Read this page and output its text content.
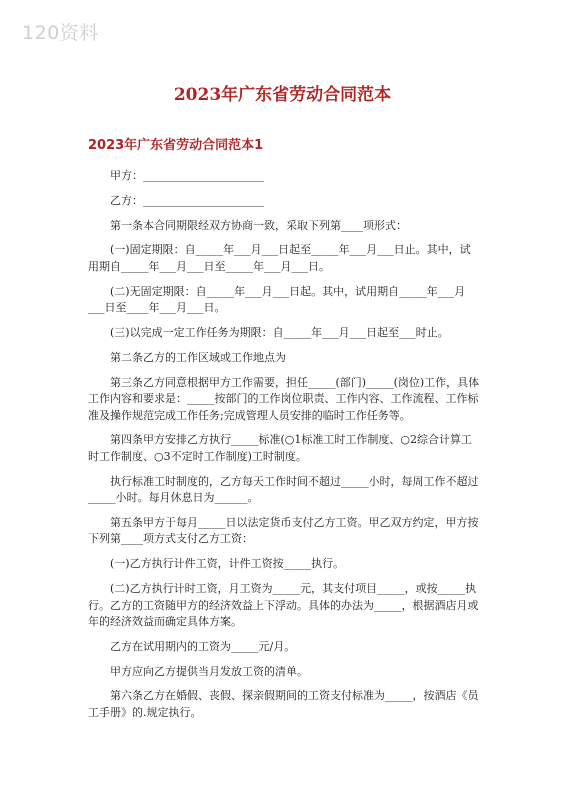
120资料
2023年广东省劳动合同范本
2023年广东省劳动合同范本1

甲方：______________________

乙方：______________________

第一条本合同期限经双方协商一致，采取下列第____项形式：

(一)固定期限：自_____年___月___日起至_____年___月___日止。其中，试用期自_____年___月___日至_____年___月___日。

(二)无固定期限：自_____年___月___日起。其中，试用期自_____年___月___日至____年___月___日。

(三)以完成一定工作任务为期限：自_____年___月___日起至___时止。

第二条乙方的工作区域或工作地点为

第三条乙方同意根据甲方工作需要，担任_____(部门)_____(岗位)工作，具体工作内容和要求是：_____按部门的工作岗位职责、工作内容、工作流程、工作标准及操作规范完成工作任务;完成管理人员安排的临时工作任务等。

第四条甲方安排乙方执行_____标准(○1标准工时工作制度、○2综合计算工时工作制度、○3不定时工作制度)工时制度。

执行标准工时制度的，乙方每天工作时间不超过_____小时，每周工作不超过_____小时。每月休息日为______。

第五条甲方于每月_____日以法定货币支付乙方工资。甲乙双方约定，甲方按下列第____项方式支付乙方工资：

(一)乙方执行计件工资，计件工资按_____执行。

(二)乙方执行计时工资，月工资为_____元，其支付项目_____，或按_____执行。乙方的工资随甲方的经济效益上下浮动。具体的办法为_____，根据酒店月或年的经济效益而确定具体方案。

乙方在试用期内的工资为_____元/月。

甲方应向乙方提供当月发放工资的清单。

第六条乙方在婚假、丧假、探亲假期间的工资支付标准为_____，按酒店《员工手册》的.规定执行。
